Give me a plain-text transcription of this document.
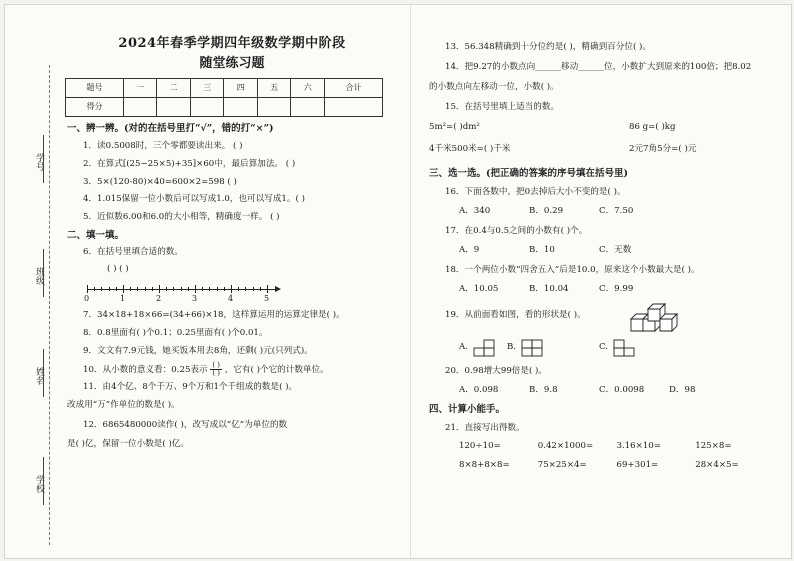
学号
班级
姓名
学校
2024年春季学期四年级数学期中阶段
随堂练习题
题号	一	二	三	四	五	六	合计
得分							
一、辨一辨。(对的在括号里打“√”，错的打“×”)
1．读0.5008时，三个零都要读出来。 ( )
2．在算式[(25−25×5)+35]×60中，最后算加法。 ( )
3．5×(120-80)×40=600×2=598 ( )
4．1.015保留一位小数后可以写成1.0，也可以写成1。( )
5．近似数6.00和6.0的大小相等，精确度一样。 ( )
二、填一填。
6．在括号里填合适的数。
( ) ( )
0	1	2	3	4	5
7．34×18+18×66=(34+66)×18，这样算运用的运算定律是( )。
8．0.8里面有( )个0.1；0.25里面有( )个0.01。
9．文文有7.9元钱，她买饭本用去8角，还剩( )元(只列式)。
10．从小数的意义看：0.25表示 $\frac{( )}{( )}$ ，它有( )个它的计数单位。
11．由4个亿、8个千万、9个万和1个千组成的数是( )。
改成用“万”作单位的数是( )。
12．6865480000读作( )，改写成以“亿”为单位的数
是( )亿，保留一位小数是( )亿。
13．56.348精确到十分位约是( )，精确到百分位( )。
14．把9.27的小数点向______移动______位，小数扩大到原来的100倍；把8.02
的小数点向左移动一位，小数( )。
15．在括号里填上适当的数。
5m²=( )dm²	86 g=( )kg
4千米500米=( )千米	2元7角5分=( )元
三、选一选。(把正确的答案的序号填在括号里)
16．下面各数中，把0去掉后大小不变的是( )。
A．340	B．0.29	C．7.50
17．在0.4与0.5之间的小数有( )个。
A．9	B．10	C．无数
18．一个两位小数“四舍五入”后是10.0，原来这个小数最大是( )。
A．10.05	B．10.04	C．9.99
19．从前面看如图，看的形状是( )。
A.	B.	C.
20．0.98增大99倍是( )。
A．0.098	B．9.8	C．0.0098	D．98
四、计算小能手。
21．直接写出得数。
120÷10=	0.42×1000=	3.16×10=	125×8=
8×8+8×8=	75×25×4=	69+301=	28×4×5=
